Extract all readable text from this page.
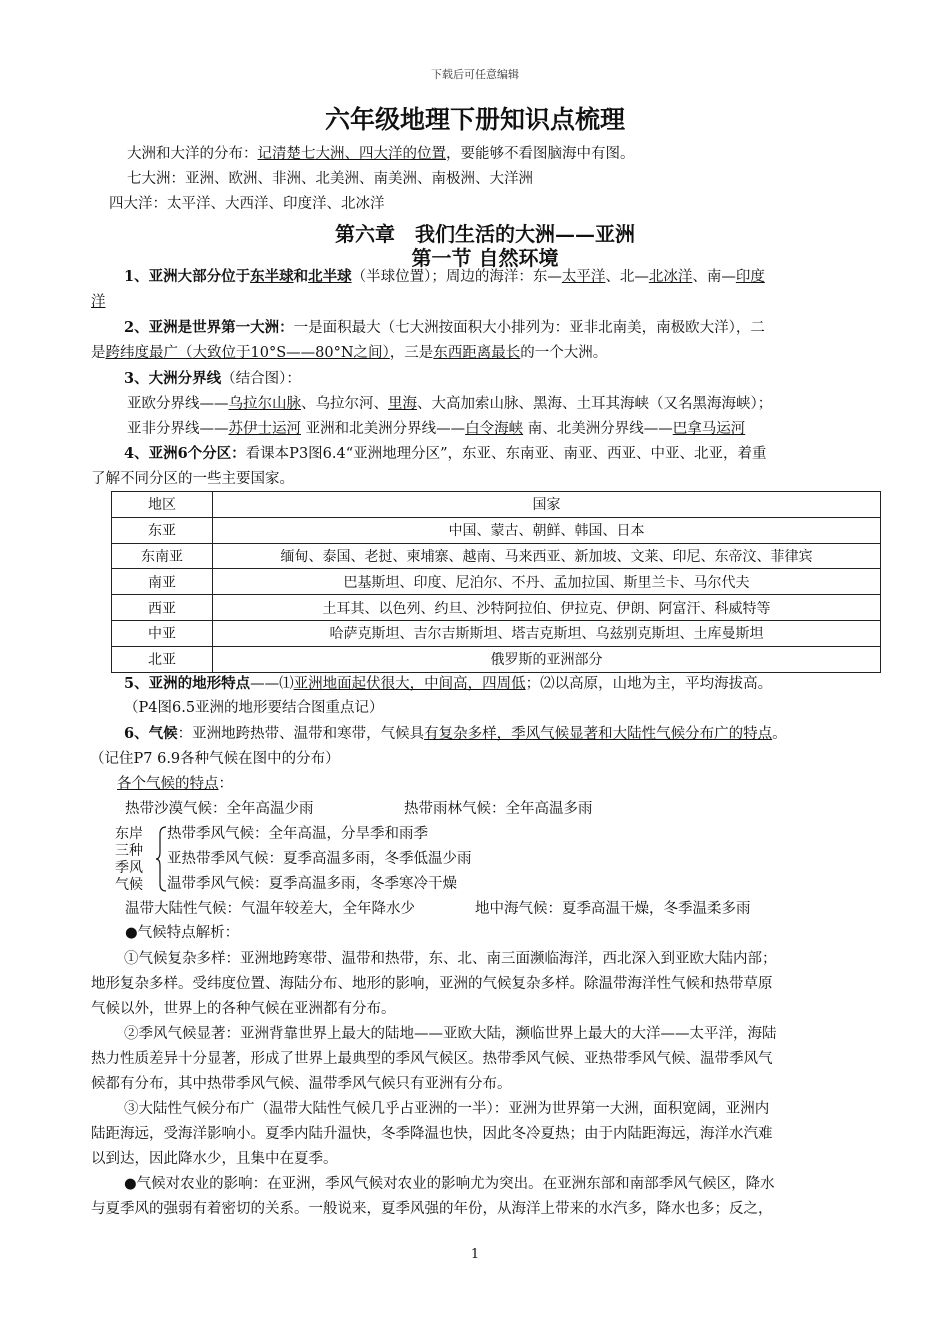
下载后可任意编辑
六年级地理下册知识点梳理
大洲和大洋的分布：记清楚七大洲、四大洋的位置，要能够不看图脑海中有图。
七大洲：亚洲、欧洲、非洲、北美洲、南美洲、南极洲、大洋洲
四大洋：太平洋、大西洋、印度洋、北冰洋
第六章　我们生活的大洲——亚洲
第一节 自然环境
1、亚洲大部分位于东半球和北半球（半球位置）；周边的海洋：东—太平洋、北—北冰洋、南—印度
洋
2、亚洲是世界第一大洲：一是面积最大（七大洲按面积大小排列为：亚非北南美，南极欧大洋），二
是跨纬度最广（大致位于10°S——80°N之间），三是东西距离最长的一个大洲。
3、大洲分界线（结合图）：
亚欧分界线——乌拉尔山脉、乌拉尔河、里海、大高加索山脉、黑海、土耳其海峡（又名黑海海峡）；
亚非分界线——苏伊士运河 亚洲和北美洲分界线——白令海峡 南、北美洲分界线——巴拿马运河
4、亚洲6个分区：看课本P3图6.4“亚洲地理分区”，东亚、东南亚、南亚、西亚、中亚、北亚，着重
了解不同分区的一些主要国家。
地区	国家
东亚	中国、蒙古、朝鲜、韩国、日本
东南亚	缅甸、泰国、老挝、柬埔寨、越南、马来西亚、新加坡、文莱、印尼、东帝汶、菲律宾
南亚	巴基斯坦、印度、尼泊尔、不丹、孟加拉国、斯里兰卡、马尔代夫
西亚	土耳其、以色列、约旦、沙特阿拉伯、伊拉克、伊朗、阿富汗、科威特等
中亚	哈萨克斯坦、吉尔吉斯斯坦、塔吉克斯坦、乌兹别克斯坦、土库曼斯坦
北亚	俄罗斯的亚洲部分
5、亚洲的地形特点——⑴亚洲地面起伏很大，中间高，四周低；⑵以高原，山地为主，平均海拔高。
（P4图6.5亚洲的地形要结合图重点记）
6、气候：亚洲地跨热带、温带和寒带，气候具有复杂多样，季风气候显著和大陆性气候分布广的特点。
（记住P7 6.9各种气候在图中的分布）
各个气候的特点：
热带沙漠气候：全年高温少雨	热带雨林气候：全年高温多雨
东岸
三种
季风
气候
热带季风气候：全年高温，分旱季和雨季
亚热带季风气候：夏季高温多雨，冬季低温少雨
温带季风气候：夏季高温多雨，冬季寒冷干燥
温带大陆性气候：气温年较差大，全年降水少	地中海气候：夏季高温干燥，冬季温柔多雨
●气候特点解析：
①气候复杂多样：亚洲地跨寒带、温带和热带，东、北、南三面濒临海洋，西北深入到亚欧大陆内部；
地形复杂多样。受纬度位置、海陆分布、地形的影响，亚洲的气候复杂多样。除温带海洋性气候和热带草原
气候以外，世界上的各种气候在亚洲都有分布。
②季风气候显著：亚洲背靠世界上最大的陆地——亚欧大陆，濒临世界上最大的大洋——太平洋，海陆
热力性质差异十分显著，形成了世界上最典型的季风气候区。热带季风气候、亚热带季风气候、温带季风气
候都有分布，其中热带季风气候、温带季风气候只有亚洲有分布。
③大陆性气候分布广（温带大陆性气候几乎占亚洲的一半）：亚洲为世界第一大洲，面积宽阔，亚洲内
陆距海远，受海洋影响小。夏季内陆升温快，冬季降温也快，因此冬冷夏热；由于内陆距海远，海洋水汽难
以到达，因此降水少，且集中在夏季。
●气候对农业的影响：在亚洲，季风气候对农业的影响尤为突出。在亚洲东部和南部季风气候区，降水
与夏季风的强弱有着密切的关系。一般说来，夏季风强的年份，从海洋上带来的水汽多，降水也多；反之，
1
